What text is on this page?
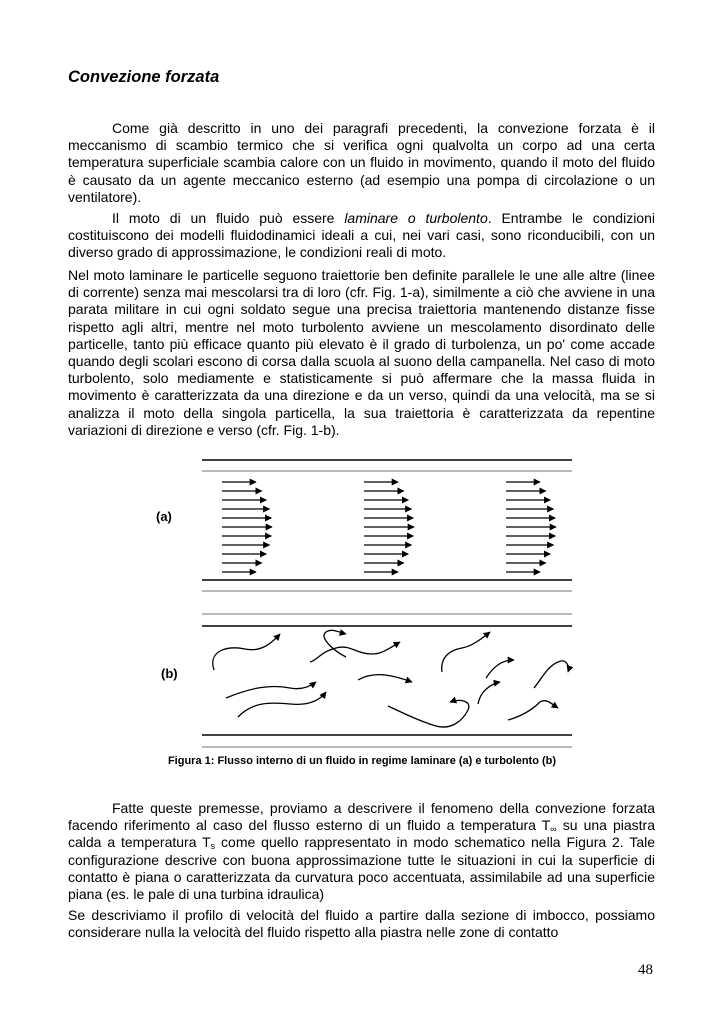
Convezione forzata

Come già descritto in uno dei paragrafi precedenti, la convezione forzata è il meccanismo di scambio termico che si verifica ogni qualvolta un corpo ad una certa temperatura superficiale scambia calore con un fluido in movimento, quando il moto del fluido è causato da un agente meccanico esterno (ad esempio una pompa di circolazione o un ventilatore).

Il moto di un fluido può essere laminare o turbolento. Entrambe le condizioni costituiscono dei modelli fluidodinamici ideali a cui, nei vari casi, sono riconducibili, con un diverso grado di approssimazione, le condizioni reali di moto.

Nel moto laminare le particelle seguono traiettorie ben definite parallele le une alle altre (linee di corrente) senza mai mescolarsi tra di loro (cfr. Fig. 1-a), similmente a ciò che avviene in una parata militare in cui ogni soldato segue una precisa traiettoria mantenendo distanze fisse rispetto agli altri, mentre nel moto turbolento avviene un mescolamento disordinato delle particelle, tanto più efficace quanto più elevato è il grado di turbolenza, un po' come accade quando degli scolari escono di corsa dalla scuola al suono della campanella. Nel caso di moto turbolento, solo mediamente e statisticamente si può affermare che la massa fluida in movimento è caratterizzata da una direzione e da un verso, quindi da una velocità, ma se si analizza il moto della singola particella, la sua traiettoria è caratterizzata da repentine variazioni di direzione e verso (cfr. Fig. 1-b).

(a)
(b)

Figura 1: Flusso interno di un fluido in regime laminare (a) e turbolento (b)

Fatte queste premesse, proviamo a descrivere il fenomeno della convezione forzata facendo riferimento al caso del flusso esterno di un fluido a temperatura $T_\infty$ su una piastra calda a temperatura $T_s$ come quello rappresentato in modo schematico nella Figura 2. Tale configurazione descrive con buona approssimazione tutte le situazioni in cui la superficie di contatto è piana o caratterizzata da curvatura poco accentuata, assimilabile ad una superficie piana (es. le pale di una turbina idraulica)

Se descriviamo il profilo di velocità del fluido a partire dalla sezione di imbocco, possiamo considerare nulla la velocità del fluido rispetto alla piastra nelle zone di contatto

48
